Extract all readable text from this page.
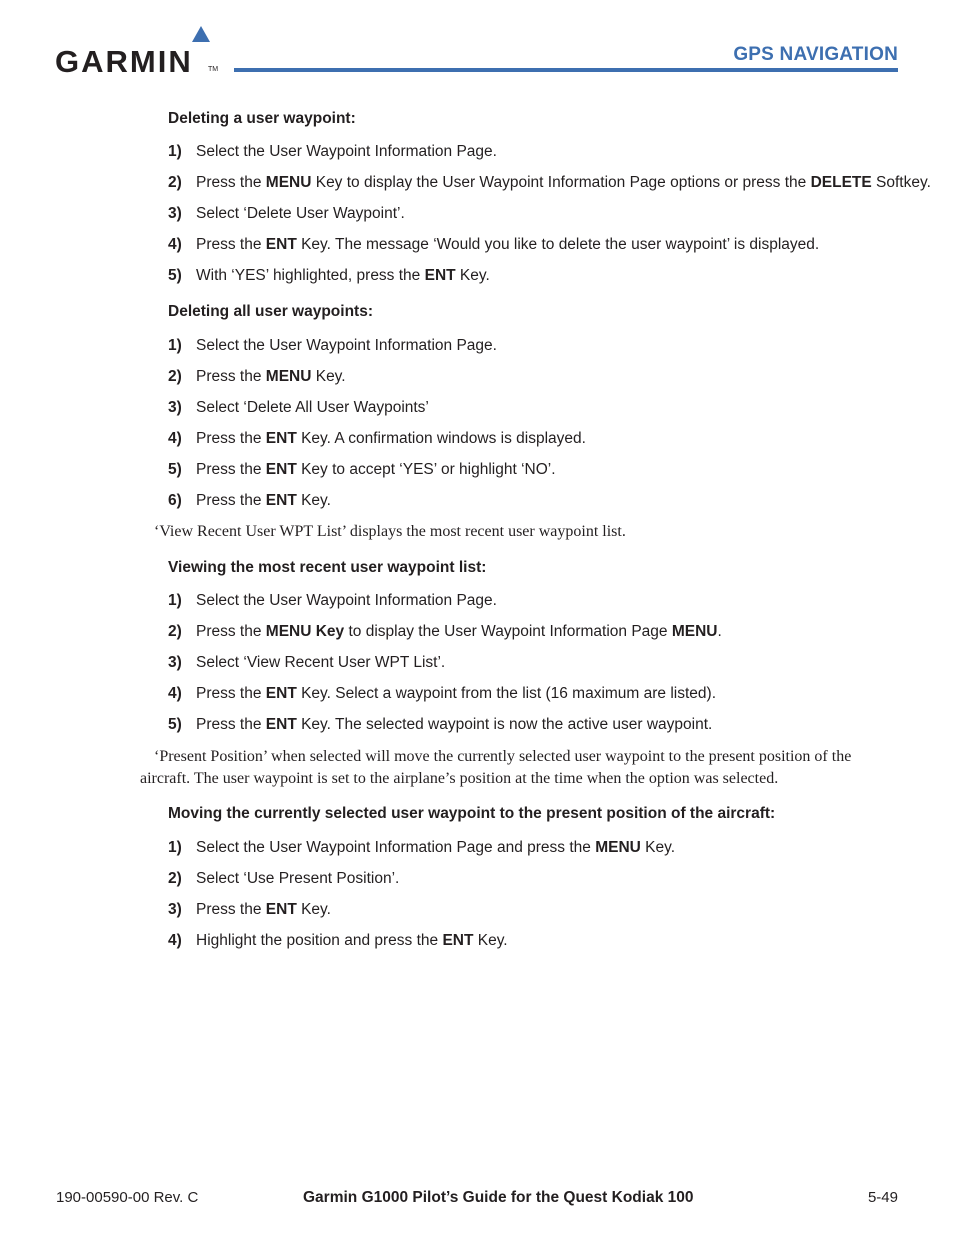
GARMIN TM
GPS NAVIGATION
Deleting a user waypoint:
1) Select the User Waypoint Information Page.
2) Press the MENU Key to display the User Waypoint Information Page options or press the DELETE Softkey.
3) Select ‘Delete User Waypoint’.
4) Press the ENT Key. The message ‘Would you like to delete the user waypoint’ is displayed.
5) With ‘YES’ highlighted, press the ENT Key.
Deleting all user waypoints:
1) Select the User Waypoint Information Page.
2) Press the MENU Key.
3) Select ‘Delete All User Waypoints’
4) Press the ENT Key. A confirmation windows is displayed.
5) Press the ENT Key to accept ‘YES’ or highlight ‘NO’.
6) Press the ENT Key.
‘View Recent User WPT List’ displays the most recent user waypoint list.
Viewing the most recent user waypoint list:
1) Select the User Waypoint Information Page.
2) Press the MENU Key to display the User Waypoint Information Page MENU.
3) Select ‘View Recent User WPT List’.
4) Press the ENT Key. Select a waypoint from the list (16 maximum are listed).
5) Press the ENT Key. The selected waypoint is now the active user waypoint.
‘Present Position’ when selected will move the currently selected user waypoint to the present position of the aircraft. The user waypoint is set to the airplane’s position at the time when the option was selected.
Moving the currently selected user waypoint to the present position of the aircraft:
1) Select the User Waypoint Information Page and press the MENU Key.
2) Select ‘Use Present Position’.
3) Press the ENT Key.
4) Highlight the position and press the ENT Key.
190-00590-00 Rev. C	Garmin G1000 Pilot’s Guide for the Quest Kodiak 100	5-49
